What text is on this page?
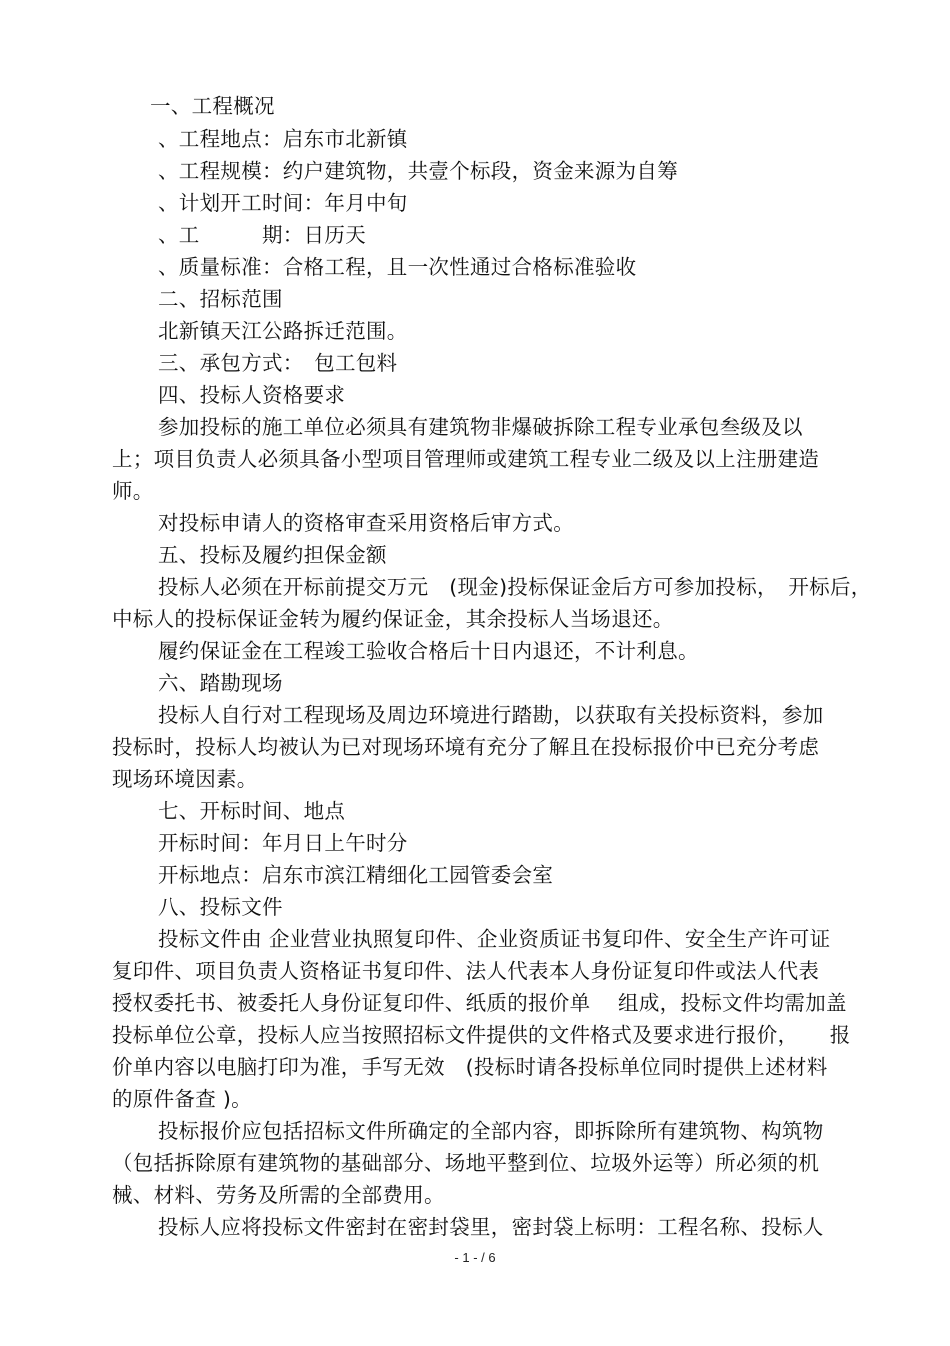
一、工程概况
、工程地点：启东市北新镇
、工程规模：约户建筑物，共壹个标段，资金来源为自筹
、计划开工时间：年月中旬
、工　　　期：日历天
、质量标准：合格工程，且一次性通过合格标准验收
二、招标范围
北新镇天江公路拆迁范围。
三、承包方式：　包工包料
四、投标人资格要求
参加投标的施工单位必须具有建筑物非爆破拆除工程专业承包叁级及以
上；项目负责人必须具备小型项目管理师或建筑工程专业二级及以上注册建造
师。
对投标申请人的资格审查采用资格后审方式。
五、投标及履约担保金额
投标人必须在开标前提交万元　(现金)投标保证金后方可参加投标，　开标后，
中标人的投标保证金转为履约保证金，其余投标人当场退还。
履约保证金在工程竣工验收合格后十日内退还，不计利息。
六、踏勘现场
投标人自行对工程现场及周边环境进行踏勘，以获取有关投标资料，参加
投标时，投标人均被认为已对现场环境有充分了解且在投标报价中已充分考虑
现场环境因素。
七、开标时间、地点
开标时间：年月日上午时分
开标地点：启东市滨江精细化工园管委会室
八、投标文件
投标文件由 企业营业执照复印件、企业资质证书复印件、安全生产许可证
复印件、项目负责人资格证书复印件、法人代表本人身份证复印件或法人代表
授权委托书、被委托人身份证复印件、纸质的报价单　 组成，投标文件均需加盖
投标单位公章，投标人应当按照招标文件提供的文件格式及要求进行报价，　　报
价单内容以电脑打印为准，手写无效　(投标时请各投标单位同时提供上述材料
的原件备查 )。
投标报价应包括招标文件所确定的全部内容，即拆除所有建筑物、构筑物
（包括拆除原有建筑物的基础部分、场地平整到位、垃圾外运等）所必须的机
械、材料、劳务及所需的全部费用。
投标人应将投标文件密封在密封袋里，密封袋上标明：工程名称、投标人
- 1 - / 6
